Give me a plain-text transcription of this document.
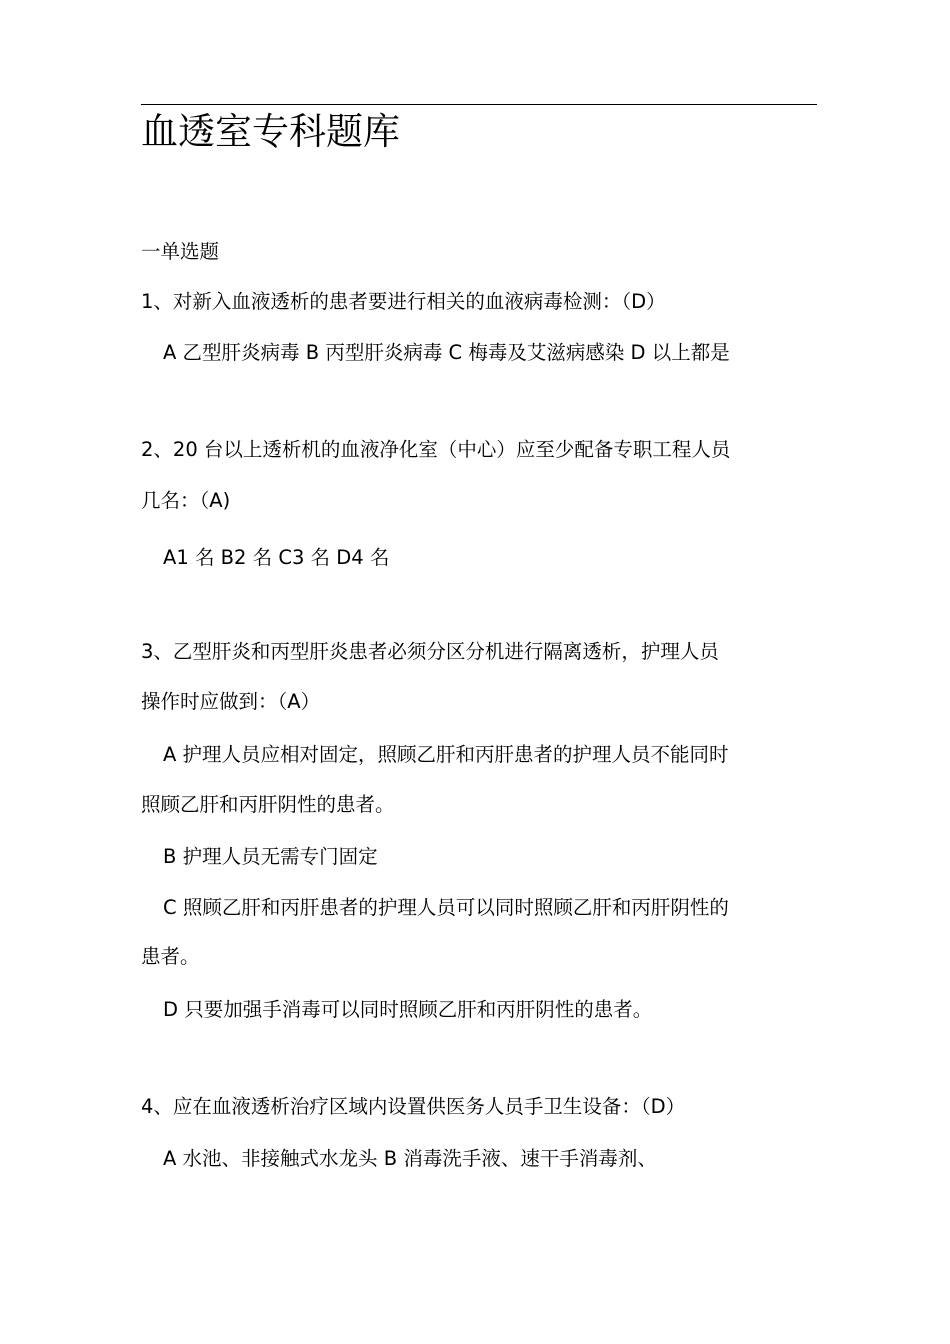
血透室专科题库
一单选题
1、对新入血液透析的患者要进行相关的血液病毒检测：（D）
A 乙型肝炎病毒 B 丙型肝炎病毒 C 梅毒及艾滋病感染 D 以上都是
2、20 台以上透析机的血液净化室（中心）应至少配备专职工程人员
几名：（A)
A1 名 B2 名 C3 名 D4 名
3、乙型肝炎和丙型肝炎患者必须分区分机进行隔离透析，护理人员
操作时应做到：（A）
A 护理人员应相对固定，照顾乙肝和丙肝患者的护理人员不能同时
照顾乙肝和丙肝阴性的患者。
B 护理人员无需专门固定
C 照顾乙肝和丙肝患者的护理人员可以同时照顾乙肝和丙肝阴性的
患者。
D 只要加强手消毒可以同时照顾乙肝和丙肝阴性的患者。
4、应在血液透析治疗区域内设置供医务人员手卫生设备：（D）
A 水池、非接触式水龙头 B 消毒洗手液、速干手消毒剂、
